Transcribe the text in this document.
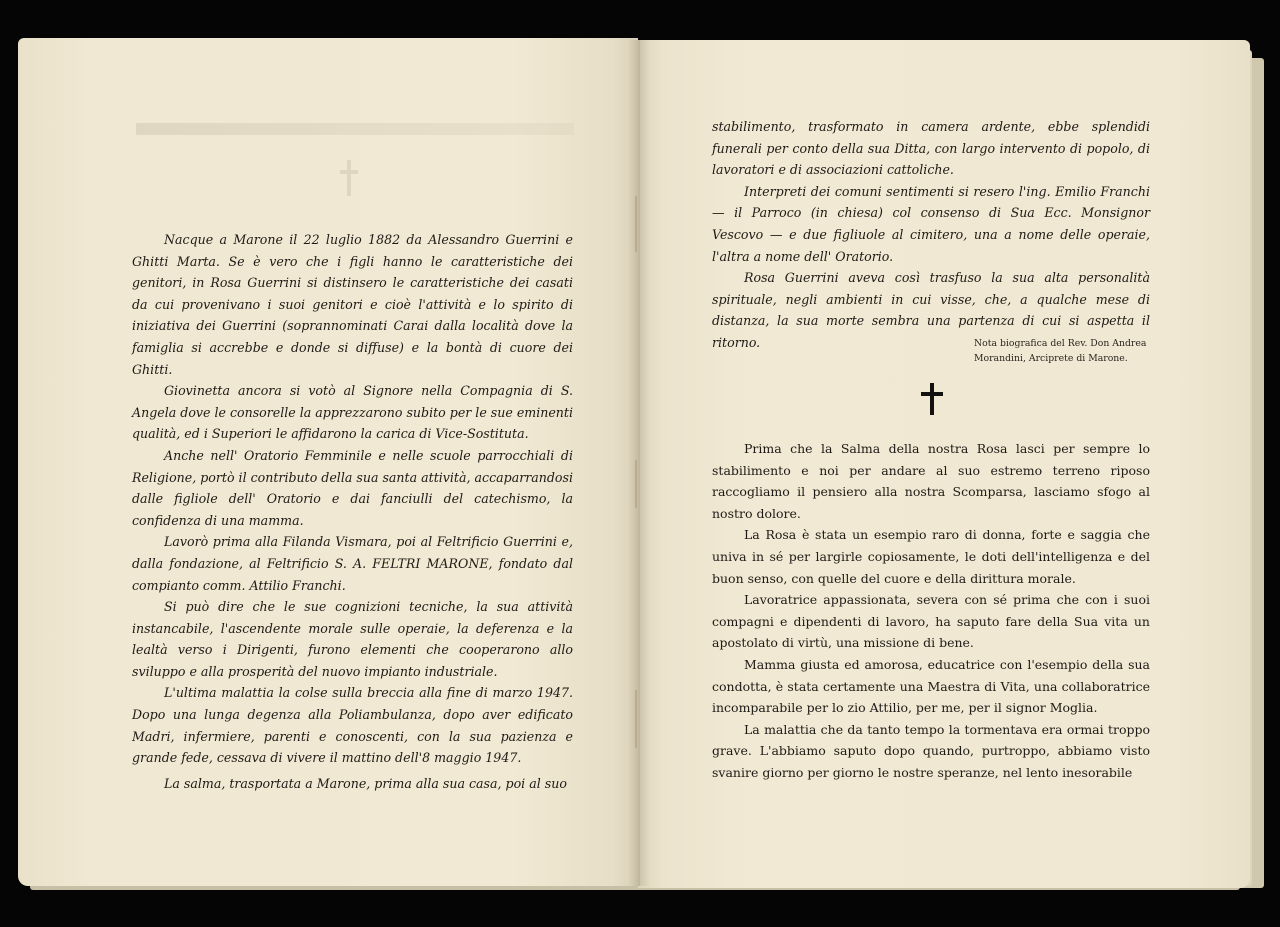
Nacque a Marone il 22 luglio 1882 da Alessandro Guerrini e Ghitti Marta. Se è vero che i figli hanno le caratteristiche dei genitori, in Rosa Guerrini si distinsero le caratteristiche dei casati da cui provenivano i suoi genitori e cioè l'attività e lo spirito di iniziativa dei Guerrini (soprannominati Carai dalla località dove la famiglia si accrebbe e donde si diffuse) e la bontà di cuore dei Ghitti.

Giovinetta ancora si votò al Signore nella Compagnia di S. Angela dove le consorelle la apprezzarono subito per le sue eminenti qualità, ed i Superiori le affidarono la carica di Vice-Sostituta.

Anche nell' Oratorio Femminile e nelle scuole parrocchiali di Religione, portò il contributo della sua santa attività, accaparrandosi dalle figliole dell' Oratorio e dai fanciulli del catechismo, la confidenza di una mamma.

Lavorò prima alla Filanda Vismara, poi al Feltrificio Guerrini e, dalla fondazione, al Feltrificio S. A. FELTRI MARONE, fondato dal compianto comm. Attilio Franchi.

Si può dire che le sue cognizioni tecniche, la sua attività instancabile, l'ascendente morale sulle operaie, la deferenza e la lealtà verso i Dirigenti, furono elementi che cooperarono allo sviluppo e alla prosperità del nuovo impianto industriale.

L'ultima malattia la colse sulla breccia alla fine di marzo 1947. Dopo una lunga degenza alla Poliambulanza, dopo aver edificato Madri, infermiere, parenti e conoscenti, con la sua pazienza e grande fede, cessava di vivere il mattino dell'8 maggio 1947.

La salma, trasportata a Marone, prima alla sua casa, poi al suo

stabilimento, trasformato in camera ardente, ebbe splendidi funerali per conto della sua Ditta, con largo intervento di popolo, di lavoratori e di associazioni cattoliche.

Interpreti dei comuni sentimenti si resero l'ing. Emilio Franchi — il Parroco (in chiesa) col consenso di Sua Ecc. Monsignor Vescovo — e due figliuole al cimitero, una a nome delle operaie, l'altra a nome dell' Oratorio.

Rosa Guerrini aveva così trasfuso la sua alta personalità spirituale, negli ambienti in cui visse, che, a qualche mese di distanza, la sua morte sembra una partenza di cui si aspetta il ritorno.	Nota biografica del Rev. Don Andrea Morandini, Arciprete di Marone.

Prima che la Salma della nostra Rosa lasci per sempre lo stabilimento e noi per andare al suo estremo terreno riposo raccogliamo il pensiero alla nostra Scomparsa, lasciamo sfogo al nostro dolore.

La Rosa è stata un esempio raro di donna, forte e saggia che univa in sé per largirle copiosamente, le doti dell'intelligenza e del buon senso, con quelle del cuore e della dirittura morale.

Lavoratrice appassionata, severa con sé prima che con i suoi compagni e dipendenti di lavoro, ha saputo fare della Sua vita un apostolato di virtù, una missione di bene.

Mamma giusta ed amorosa, educatrice con l'esempio della sua condotta, è stata certamente una Maestra di Vita, una collaboratrice incomparabile per lo zio Attilio, per me, per il signor Moglia.

La malattia che da tanto tempo la tormentava era ormai troppo grave. L'abbiamo saputo dopo quando, purtroppo, abbiamo visto svanire giorno per giorno le nostre speranze, nel lento inesorabile
